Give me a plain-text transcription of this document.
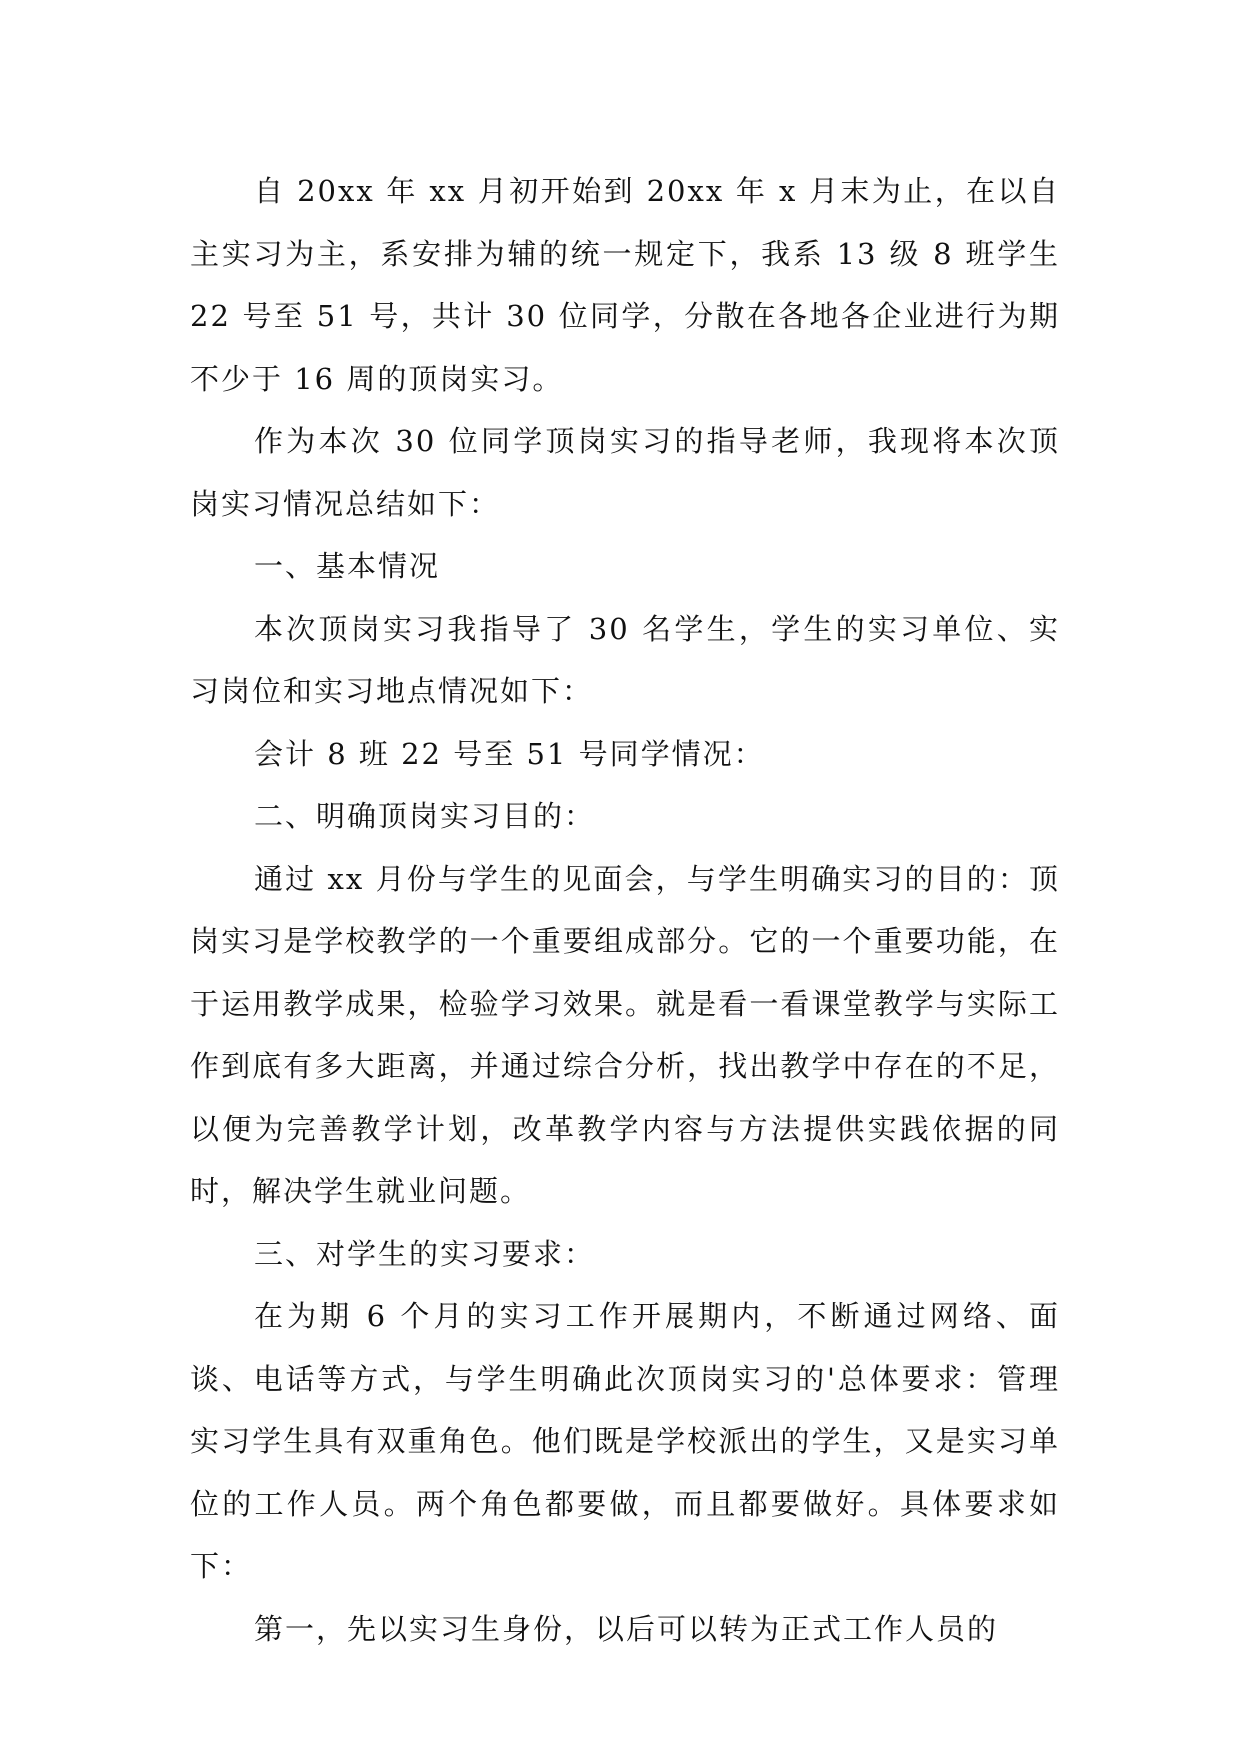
自 20xx 年 xx 月初开始到 20xx 年 x 月末为止，在以自主实习为主，系安排为辅的统一规定下，我系 13 级 8 班学生 22 号至 51 号，共计 30 位同学，分散在各地各企业进行为期不少于 16 周的顶岗实习。

作为本次 30 位同学顶岗实习的指导老师，我现将本次顶岗实习情况总结如下：

一、基本情况

本次顶岗实习我指导了 30 名学生，学生的实习单位、实习岗位和实习地点情况如下：

会计 8 班 22 号至 51 号同学情况：

二、明确顶岗实习目的：

通过 xx 月份与学生的见面会，与学生明确实习的目的：顶岗实习是学校教学的一个重要组成部分。它的一个重要功能，在于运用教学成果，检验学习效果。就是看一看课堂教学与实际工作到底有多大距离，并通过综合分析，找出教学中存在的不足，以便为完善教学计划，改革教学内容与方法提供实践依据的同时，解决学生就业问题。

三、对学生的实习要求：

在为期 6 个月的实习工作开展期内，不断通过网络、面谈、电话等方式，与学生明确此次顶岗实习的'总体要求：管理实习学生具有双重角色。他们既是学校派出的学生，又是实习单位的工作人员。两个角色都要做，而且都要做好。具体要求如下：

第一，先以实习生身份，以后可以转为正式工作人员的
